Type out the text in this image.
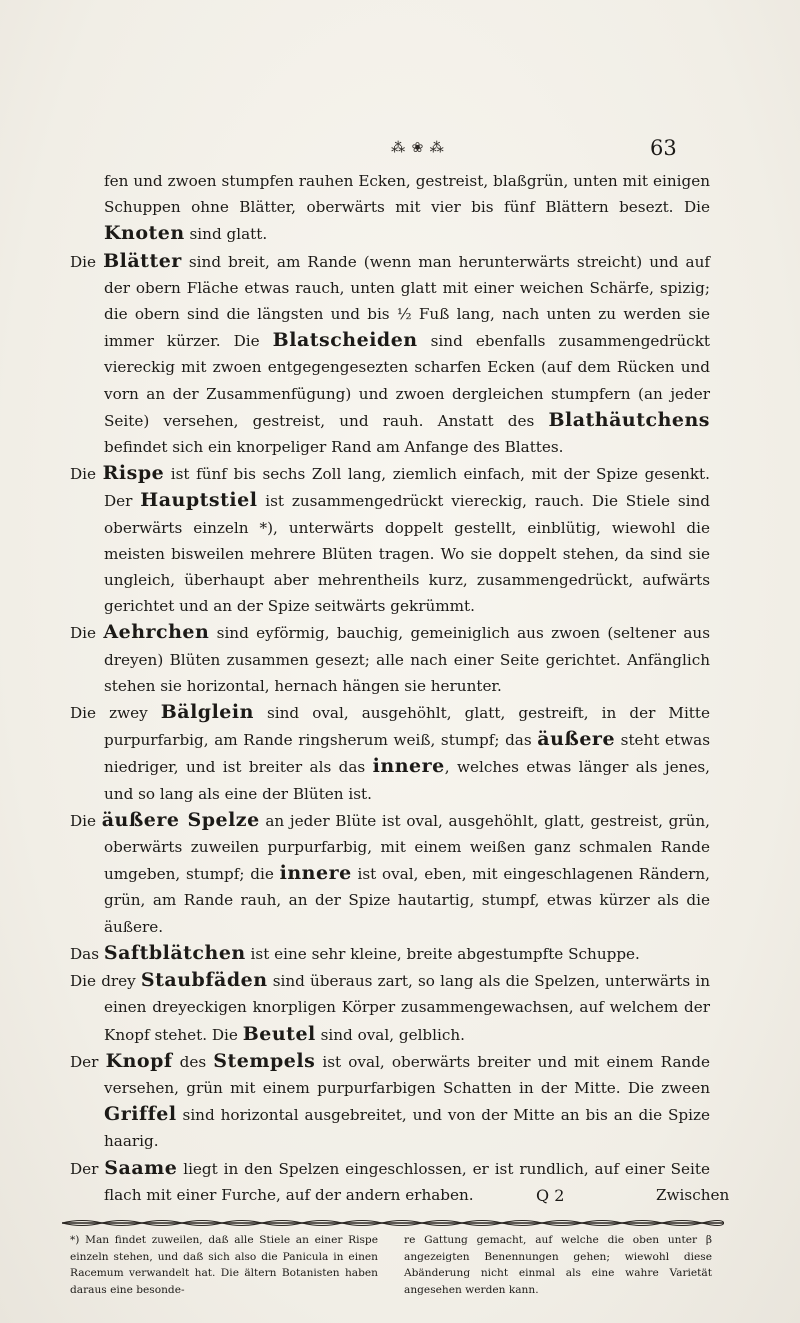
⁂ ❀ ⁂	63

fen und zwoen stumpfen rauhen Ecken, gestreist, blaßgrün, unten mit einigen Schuppen ohne Blätter, oberwärts mit vier bis fünf Blättern besezt. Die Knoten sind glatt.

Die Blätter sind breit, am Rande (wenn man herunterwärts streicht) und auf der obern Fläche etwas rauch, unten glatt mit einer weichen Schärfe, spizig; die obern sind die längsten und bis ½ Fuß lang, nach unten zu werden sie immer kürzer. Die Blatscheiden sind ebenfalls zusammengedrückt viereckig mit zwoen entgegengesezten scharfen Ecken (auf dem Rücken und vorn an der Zusammenfügung) und zwoen dergleichen stumpfern (an jeder Seite) versehen, gestreist, und rauh. Anstatt des Blathäutchens befindet sich ein knorpeliger Rand am Anfange des Blattes.

Die Rispe ist fünf bis sechs Zoll lang, ziemlich einfach, mit der Spize gesenkt. Der Hauptstiel ist zusammengedrückt viereckig, rauch. Die Stiele sind oberwärts einzeln *), unterwärts doppelt gestellt, einblütig, wiewohl die meisten bisweilen mehrere Blüten tragen. Wo sie doppelt stehen, da sind sie ungleich, überhaupt aber mehrentheils kurz, zusammengedrückt, aufwärts gerichtet und an der Spize seitwärts gekrümmt.

Die Aehrchen sind eyförmig, bauchig, gemeiniglich aus zwoen (seltener aus dreyen) Blüten zusammen gesezt; alle nach einer Seite gerichtet. Anfänglich stehen sie horizontal, hernach hängen sie herunter.

Die zwey Bälglein sind oval, ausgehöhlt, glatt, gestreift, in der Mitte purpurfarbig, am Rande ringsherum weiß, stumpf; das äußere steht etwas niedriger, und ist breiter als das innere, welches etwas länger als jenes, und so lang als eine der Blüten ist.

Die äußere Spelze an jeder Blüte ist oval, ausgehöhlt, glatt, gestreist, grün, oberwärts zuweilen purpurfarbig, mit einem weißen ganz schmalen Rande umgeben, stumpf; die innere ist oval, eben, mit eingeschlagenen Rändern, grün, am Rande rauh, an der Spize hautartig, stumpf, etwas kürzer als die äußere.

Das Saftblätchen ist eine sehr kleine, breite abgestumpfte Schuppe.

Die drey Staubfäden sind überaus zart, so lang als die Spelzen, unterwärts in einen dreyeckigen knorpligen Körper zusammengewachsen, auf welchem der Knopf stehet. Die Beutel sind oval, gelblich.

Der Knopf des Stempels ist oval, oberwärts breiter und mit einem Rande versehen, grün mit einem purpurfarbigen Schatten in der Mitte. Die zween Griffel sind horizontal ausgebreitet, und von der Mitte an bis an die Spize haarig.

Der Saame liegt in den Spelzen eingeschlossen, er ist rundlich, auf einer Seite flach mit einer Furche, auf der andern erhaben.	Q 2	Zwischen
*) Man findet zuweilen, daß alle Stiele an einer Rispe einzeln stehen, und daß sich also die Panicula in einen Racemum verwandelt hat. Die ältern Botanisten haben daraus eine besonde-
re Gattung gemacht, auf welche die oben unter β angezeigten Benennungen gehen; wiewohl diese Abänderung nicht einmal als eine wahre Varietät angesehen werden kann.
